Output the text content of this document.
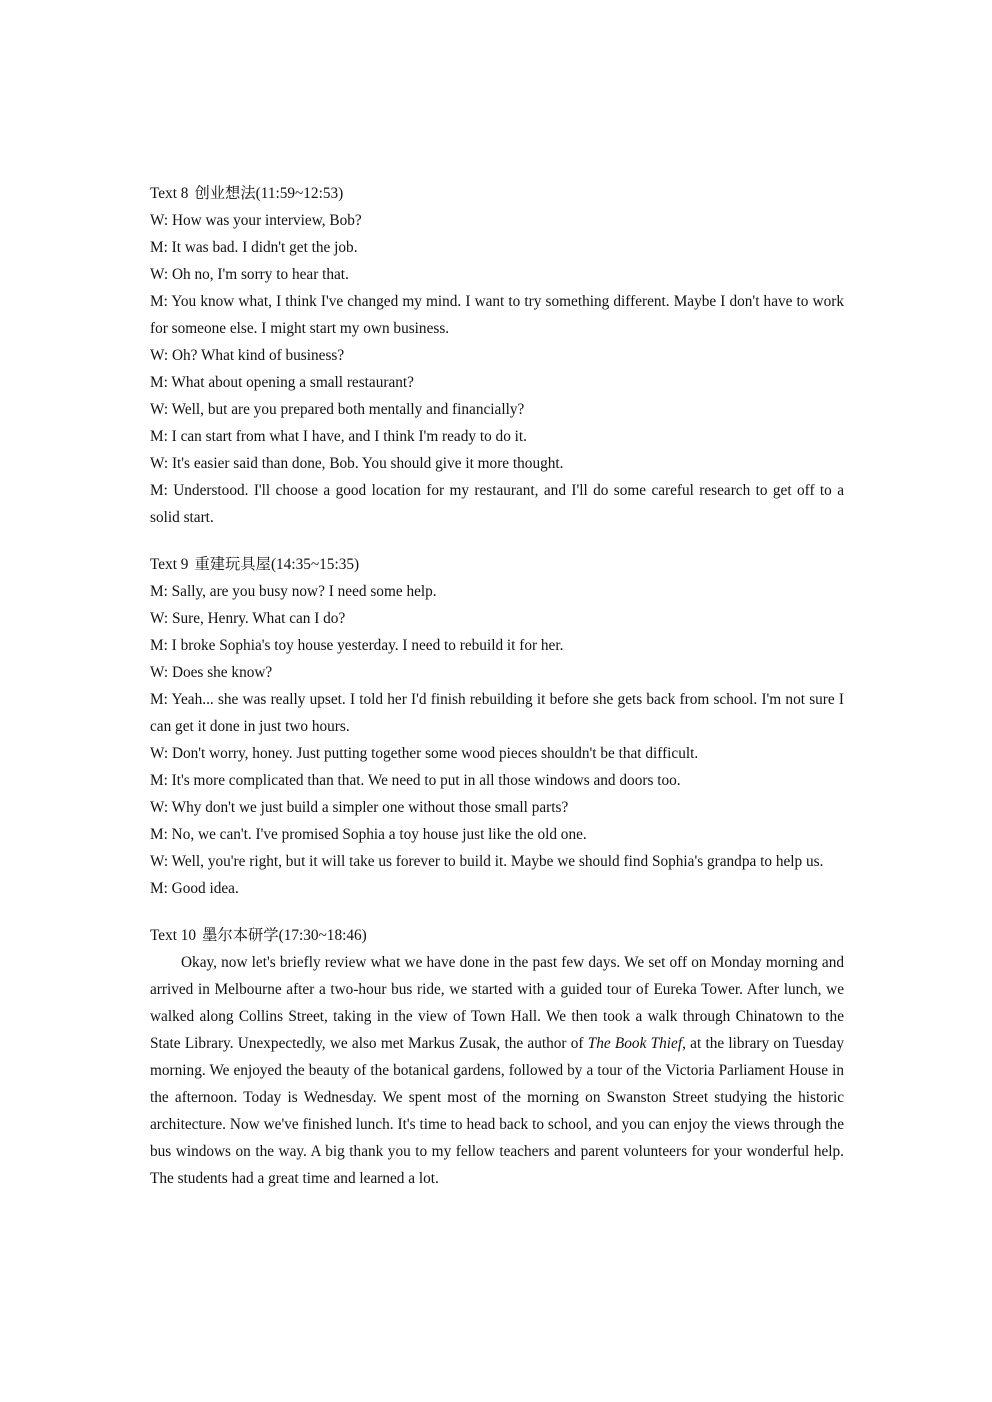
Text 8 创业想法(11:59~12:53)

W: How was your interview, Bob?

M: It was bad. I didn't get the job.

W: Oh no, I'm sorry to hear that.

M: You know what, I think I've changed my mind. I want to try something different. Maybe I don't have to work for someone else. I might start my own business.

W: Oh? What kind of business?

M: What about opening a small restaurant?

W: Well, but are you prepared both mentally and financially?

M: I can start from what I have, and I think I'm ready to do it.

W: It's easier said than done, Bob. You should give it more thought.

M: Understood. I'll choose a good location for my restaurant, and I'll do some careful research to get off to a solid start.

Text 9 重建玩具屋(14:35~15:35)

M: Sally, are you busy now? I need some help.

W: Sure, Henry. What can I do?

M: I broke Sophia's toy house yesterday. I need to rebuild it for her.

W: Does she know?

M: Yeah... she was really upset. I told her I'd finish rebuilding it before she gets back from school. I'm not sure I can get it done in just two hours.

W: Don't worry, honey. Just putting together some wood pieces shouldn't be that difficult.

M: It's more complicated than that. We need to put in all those windows and doors too.

W: Why don't we just build a simpler one without those small parts?

M: No, we can't. I've promised Sophia a toy house just like the old one.

W: Well, you're right, but it will take us forever to build it. Maybe we should find Sophia's grandpa to help us.

M: Good idea.

Text 10 墨尔本研学(17:30~18:46)

Okay, now let's briefly review what we have done in the past few days. We set off on Monday morning and arrived in Melbourne after a two-hour bus ride, we started with a guided tour of Eureka Tower. After lunch, we walked along Collins Street, taking in the view of Town Hall. We then took a walk through Chinatown to the State Library. Unexpectedly, we also met Markus Zusak, the author of The Book Thief, at the library on Tuesday morning. We enjoyed the beauty of the botanical gardens, followed by a tour of the Victoria Parliament House in the afternoon. Today is Wednesday. We spent most of the morning on Swanston Street studying the historic architecture. Now we've finished lunch. It's time to head back to school, and you can enjoy the views through the bus windows on the way. A big thank you to my fellow teachers and parent volunteers for your wonderful help. The students had a great time and learned a lot.
